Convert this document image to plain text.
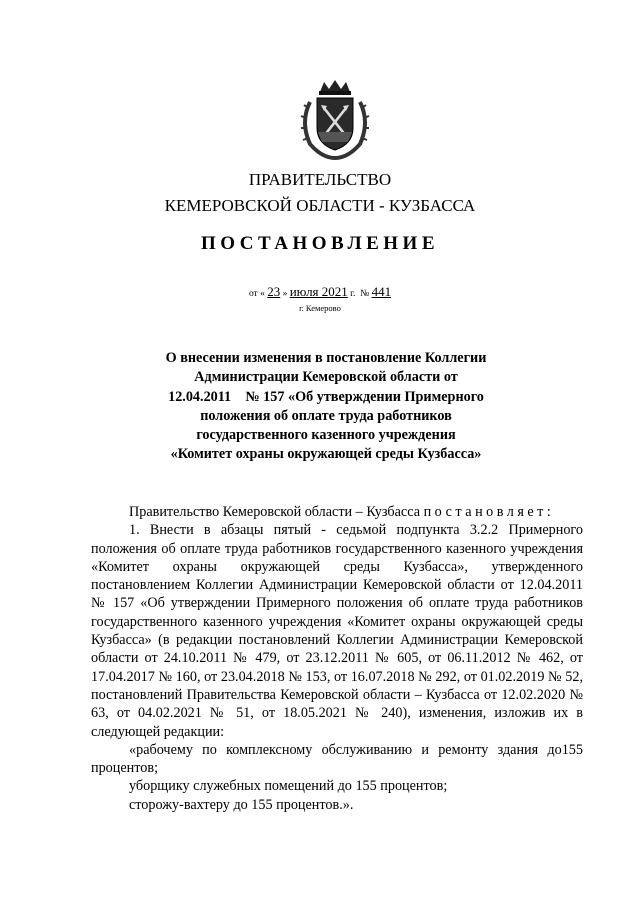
ПРАВИТЕЛЬСТВО
КЕМЕРОВСКОЙ ОБЛАСТИ - КУЗБАССА
ПОСТАНОВЛЕНИЕ
от « 23 » июля 2021 г. № 441
г. Кемерово

О внесении изменения в постановление Коллегии

Администрации Кемеровской области от

12.04.2011    № 157 «Об утверждении Примерного

положения об оплате труда работников

государственного казенного учреждения

«Комитет охраны окружающей среды Кузбасса»

Правительство Кемеровской области – Кузбасса постановляет:

1. Внести в абзацы пятый - седьмой подпункта 3.2.2 Примерного положения об оплате труда работников государственного казенного учреждения «Комитет охраны окружающей среды Кузбасса», утвержденного постановлением Коллегии Администрации Кемеровской области от 12.04.2011 № 157 «Об утверждении Примерного положения об оплате труда работников государственного казенного учреждения «Комитет охраны окружающей среды Кузбасса» (в редакции постановлений Коллегии Администрации Кемеровской области от 24.10.2011 № 479, от 23.12.2011 № 605, от 06.11.2012 № 462, от 17.04.2017 № 160, от 23.04.2018 № 153, от 16.07.2018 № 292, от 01.02.2019 № 52, постановлений Правительства Кемеровской области – Кузбасса от 12.02.2020 № 63, от 04.02.2021 № 51, от 18.05.2021 № 240), изменения, изложив их в следующей редакции:

«рабочему по комплексному обслуживанию и ремонту здания до155 процентов;

уборщику служебных помещений до 155 процентов;

сторожу-вахтеру до 155 процентов.».
